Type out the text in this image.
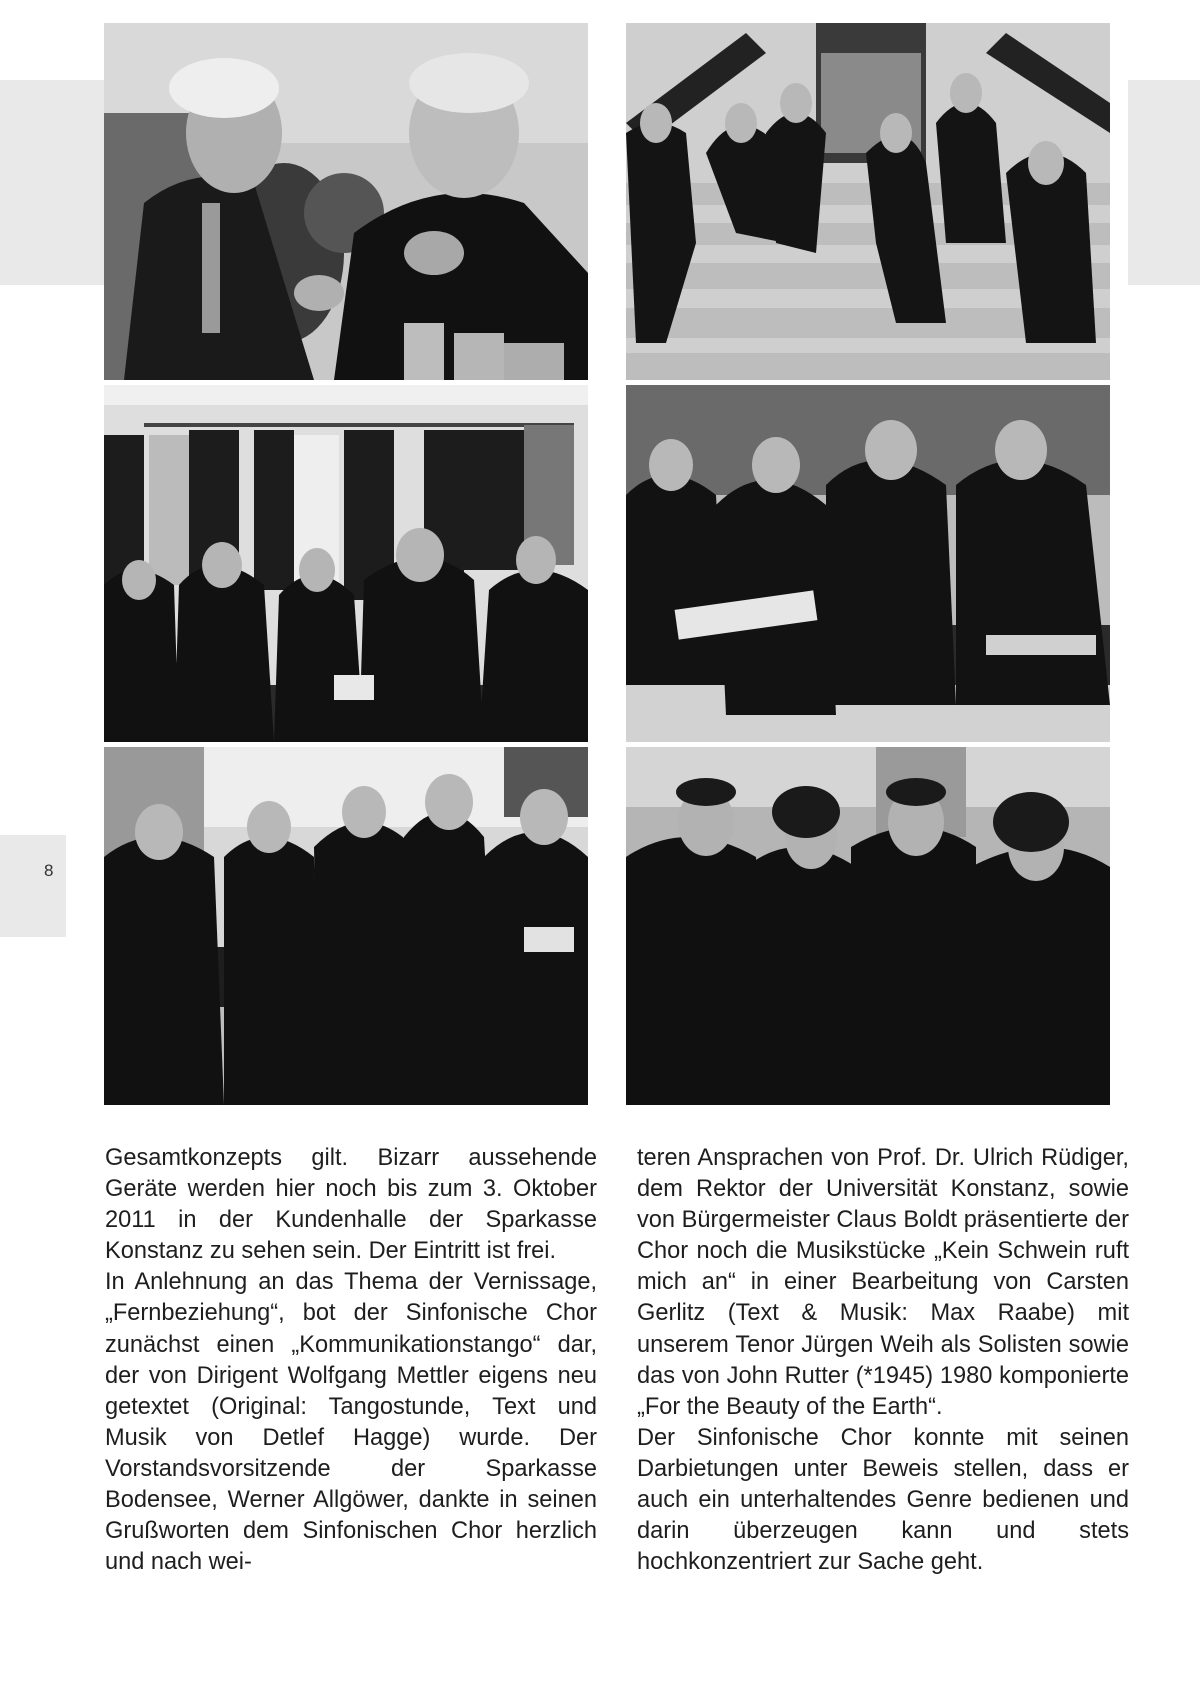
8

Gesamtkonzepts gilt. Bizarr aussehende Geräte werden hier noch bis zum 3. Oktober 2011 in der Kundenhalle der Sparkasse Konstanz zu sehen sein. Der Eintritt ist frei.

In Anlehnung an das Thema der Vernissage, „Fernbeziehung“, bot der Sinfonische Chor zunächst einen „Kommunikationstango“ dar, der von Dirigent Wolfgang Mettler eigens neu getextet (Original: Tangostunde, Text und Musik von Detlef Hagge) wurde. Der Vorstandsvorsitzende der Sparkasse Bodensee, Werner Allgöwer, dankte in seinen Grußworten dem Sinfonischen Chor herzlich und nach wei-

teren Ansprachen von Prof. Dr. Ulrich Rüdiger, dem Rektor der Universität Konstanz, sowie von Bürgermeister Claus Boldt präsentierte der Chor noch die Musikstücke „Kein Schwein ruft mich an“ in einer Bearbeitung von Carsten Gerlitz (Text & Musik: Max Raabe) mit unserem Tenor Jürgen Weih als Solisten sowie das von John Rutter (*1945) 1980 komponierte „For the Beauty of the Earth“.

Der Sinfonische Chor konnte mit seinen Darbietungen unter Beweis stellen, dass er auch ein unterhaltendes Genre bedienen und darin überzeugen kann und stets hochkonzentriert zur Sache geht.
